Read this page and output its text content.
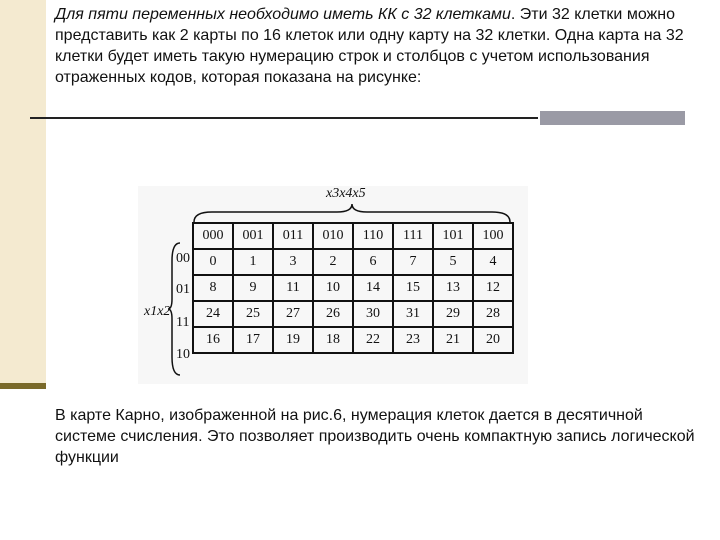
Для пяти переменных необходимо иметь КК с 32 клетками. Эти 32 клетки можно представить как 2 карты по 16 клеток или одну карту на 32 клетки. Одна карта на 32 клетки будет иметь такую нумерацию строк и столбцов с учетом использования отраженных кодов, которая показана на рисунке:
x3x4x5
x1x2
00
01
11
10
000	001	011	010	110	111	101	100
0	1	3	2	6	7	5	4
8	9	11	10	14	15	13	12
24	25	27	26	30	31	29	28
16	17	19	18	22	23	21	20
В карте Карно, изображенной на рис.6, нумерация клеток дается в десятичной системе счисления. Это позволяет производить очень компактную запись логической функции
